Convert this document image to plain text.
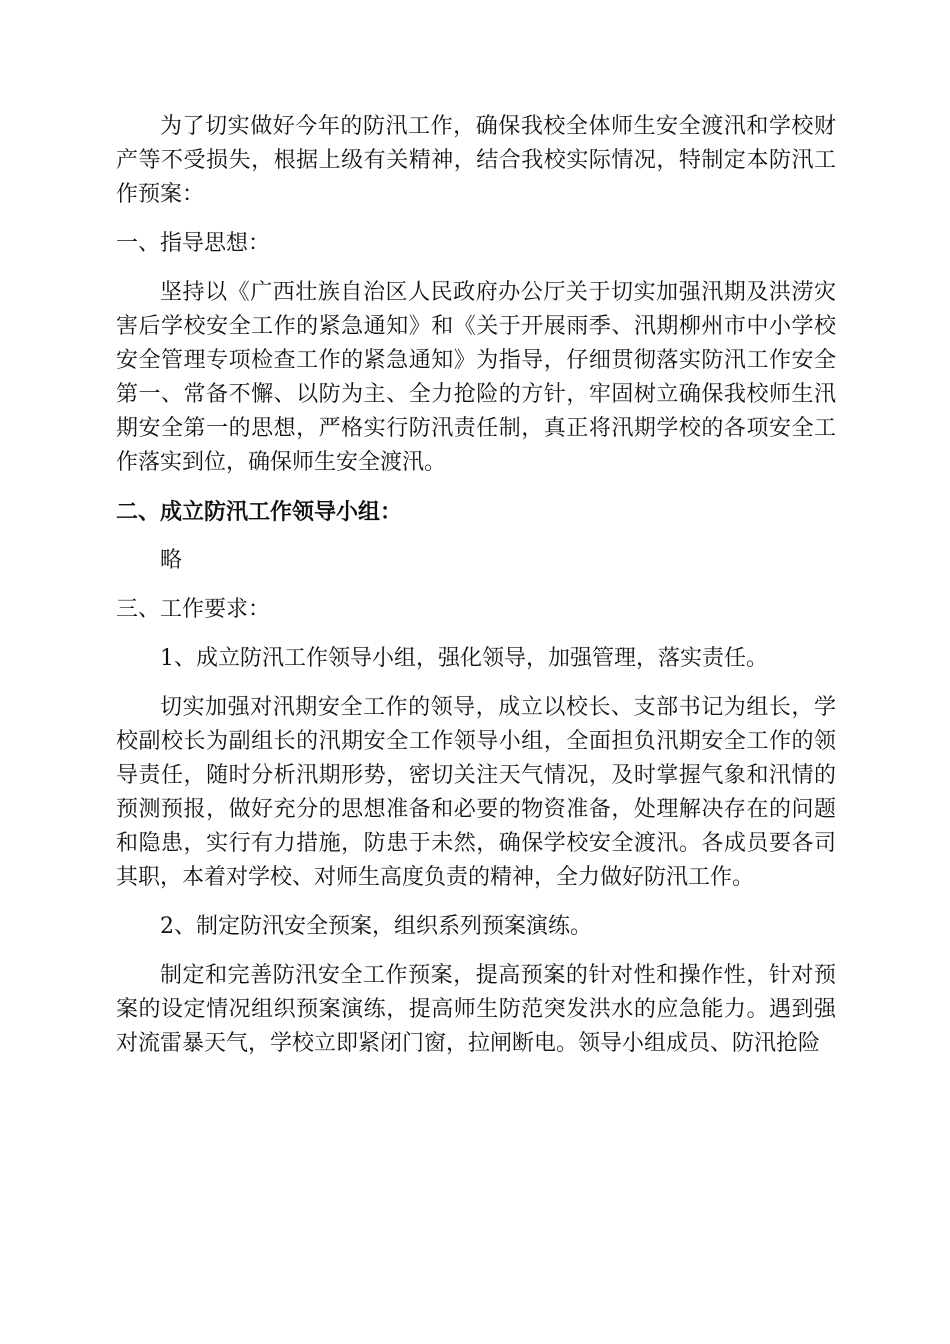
为了切实做好今年的防汛工作，确保我校全体师生安全渡汛和学校财产等不受损失，根据上级有关精神，结合我校实际情况，特制定本防汛工作预案：

一、指导思想：

坚持以《广西壮族自治区人民政府办公厅关于切实加强汛期及洪涝灾害后学校安全工作的紧急通知》和《关于开展雨季、汛期柳州市中小学校安全管理专项检查工作的紧急通知》为指导，仔细贯彻落实防汛工作安全第一、常备不懈、以防为主、全力抢险的方针，牢固树立确保我校师生汛期安全第一的思想，严格实行防汛责任制，真正将汛期学校的各项安全工作落实到位，确保师生安全渡汛。

二、成立防汛工作领导小组：

略

三、工作要求：

1、成立防汛工作领导小组，强化领导，加强管理，落实责任。

切实加强对汛期安全工作的领导，成立以校长、支部书记为组长，学校副校长为副组长的汛期安全工作领导小组，全面担负汛期安全工作的领导责任，随时分析汛期形势，密切关注天气情况，及时掌握气象和汛情的预测预报，做好充分的思想准备和必要的物资准备，处理解决存在的问题和隐患，实行有力措施，防患于未然，确保学校安全渡汛。各成员要各司其职，本着对学校、对师生高度负责的精神，全力做好防汛工作。

2、制定防汛安全预案，组织系列预案演练。

制定和完善防汛安全工作预案，提高预案的针对性和操作性，针对预案的设定情况组织预案演练，提高师生防范突发洪水的应急能力。遇到强对流雷暴天气，学校立即紧闭门窗，拉闸断电。领导小组成员、防汛抢险
